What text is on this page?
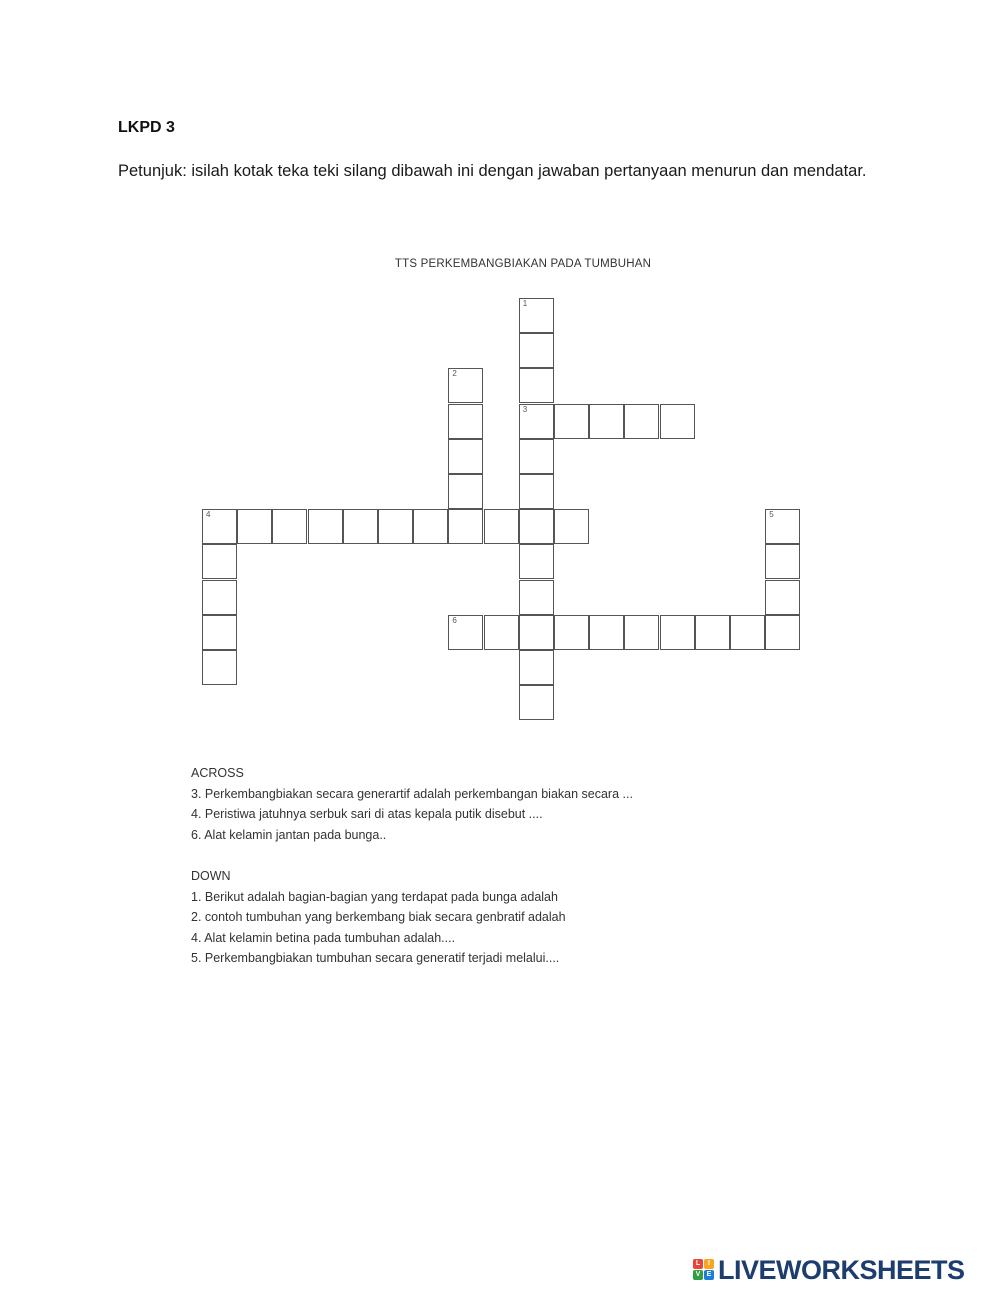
LKPD 3

Petunjuk: isilah kotak teka teki silang dibawah ini dengan jawaban pertanyaan menurun dan mendatar.

TTS PERKEMBANGBIAKAN PADA TUMBUHAN
1
3
2
4	5
6

ACROSS

3. Perkembangbiakan secara generartif adalah perkembangan biakan secara ...

4. Peristiwa jatuhnya serbuk sari di atas kepala putik disebut ....

6. Alat kelamin jantan pada bunga..

DOWN

1. Berikut adalah bagian-bagian yang terdapat pada bunga adalah

2. contoh tumbuhan yang berkembang biak secara genbratif adalah

4. Alat kelamin betina pada tumbuhan adalah....

5. Perkembangbiakan tumbuhan secara generatif terjadi melalui....

L	I
V E LIVEWORKSHEETS
